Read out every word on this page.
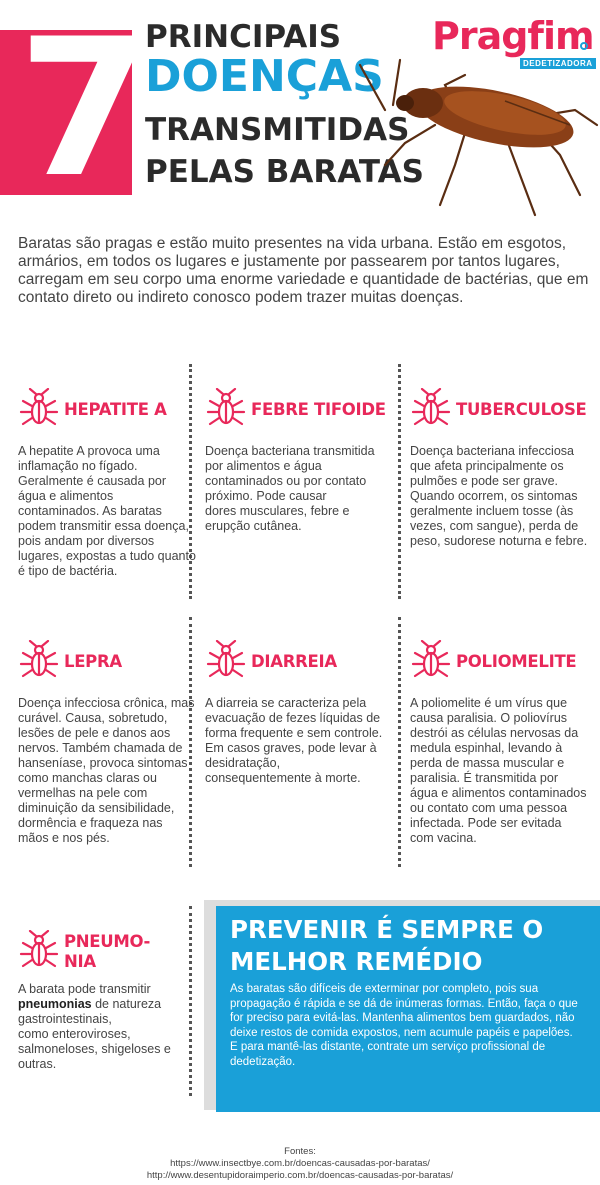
7 PRINCIPAIS
DOENÇAS
TRANSMITIDAS
PELAS BARATAS
Pragfim
DEDETIZADORA

Baratas são pragas e estão muito presentes na vida urbana. Estão em esgotos, armários, em todos os lugares e justamente por passearem por tantos lugares, carregam em seu corpo uma enorme variedade e quantidade de bactérias, que em contato direto ou indireto conosco podem trazer muitas doenças.

HEPATITE A
A hepatite A provoca uma inflamação no fígado. Geralmente é causada por água e alimentos contaminados. As baratas podem transmitir essa doença, pois andam por diversos lugares, expostas a tudo quanto é tipo de bactéria.
FEBRE TIFOIDE
Doença bacteriana transmitida por alimentos e água contaminados ou por contato próximo. Pode causar
dores musculares, febre e erupção cutânea.
TUBERCULOSE
Doença bacteriana infecciosa que afeta principalmente os pulmões e pode ser grave. Quando ocorrem, os sintomas geralmente incluem tosse (às vezes, com sangue), perda de peso, sudorese noturna e febre.
LEPRA
Doença infecciosa crônica, mas curável. Causa, sobretudo, lesões de pele e danos aos nervos. Também chamada de hanseníase, provoca sintomas como manchas claras ou vermelhas na pele com diminuição da sensibilidade, dormência e fraqueza nas mãos e nos pés.
DIARREIA
A diarreia se caracteriza pela evacuação de fezes líquidas de forma frequente e sem controle. Em casos graves, pode levar à desidratação, consequentemente à morte.
POLIOMELITE
A poliomelite é um vírus que causa paralisia. O poliovírus destrói as células nervosas da medula espinhal, levando à perda de massa muscular e paralisia. É transmitida por água e alimentos contaminados ou contato com uma pessoa infectada. Pode ser evitada com vacina.
PNEUMO-
NIA
A barata pode transmitir pneumonias de natureza gastrointestinais,
como enteroviroses, salmoneloses, shigeloses e outras.
PREVENIR É SEMPRE O MELHOR REMÉDIO
As baratas são difíceis de exterminar por completo, pois sua propagação é rápida e se dá de inúmeras formas. Então, faça o que for preciso para evitá-las. Mantenha alimentos bem guardados, não deixe restos de comida expostos, nem acumule papéis e papelões.
E para mantê-las distante, contrate um serviço profissional de dedetização.
Fontes:
https://www.insectbye.com.br/doencas-causadas-por-baratas/
http://www.desentupidoraimperio.com.br/doencas-causadas-por-baratas/
